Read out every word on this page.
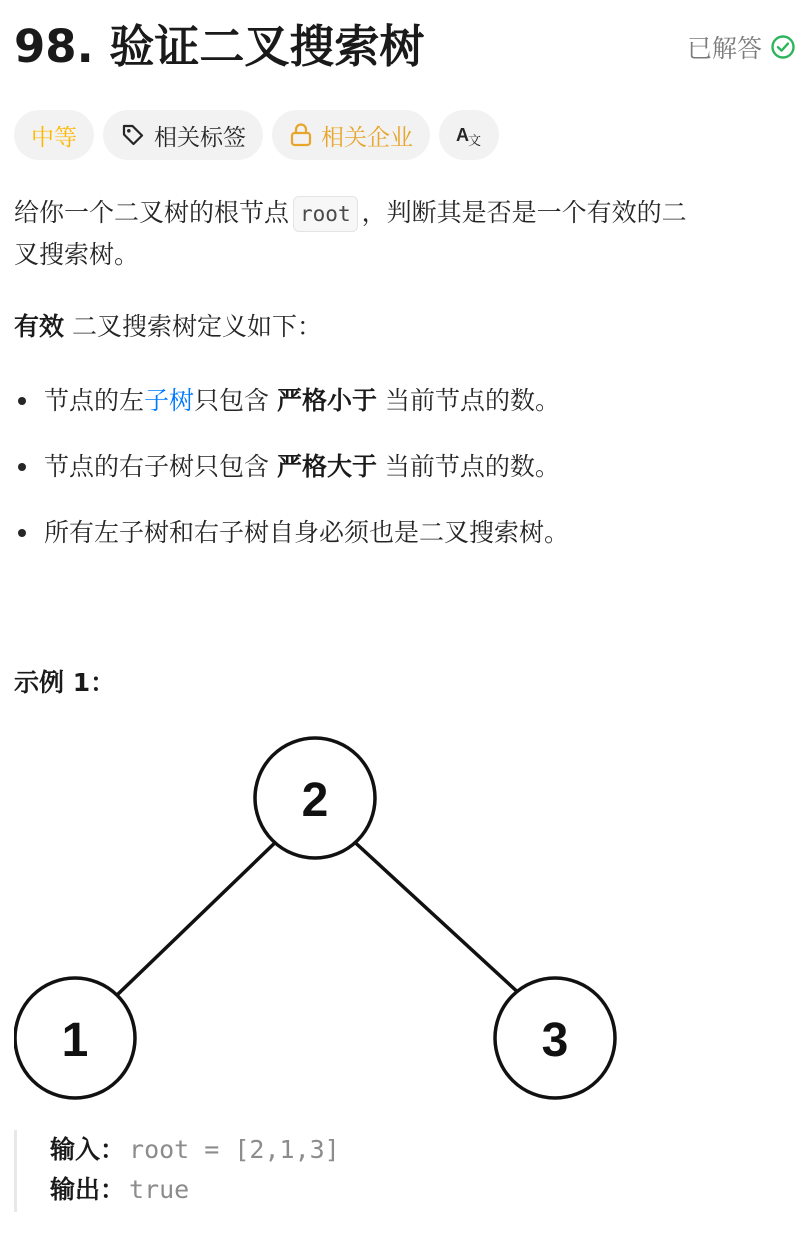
98. 验证二叉搜索树	已解答
中等	相关标签	相关企业 A 文
给你一个二叉树的根节点 root ，判断其是否是一个有效的二
叉搜索树。
有效 二叉搜索树定义如下：
节点的左子树只包含 严格小于 当前节点的数。
节点的右子树只包含 严格大于 当前节点的数。
所有左子树和右子树自身必须也是二叉搜索树。
示例 1：
2
1	3
输入： root = [2,1,3]
输出： true
